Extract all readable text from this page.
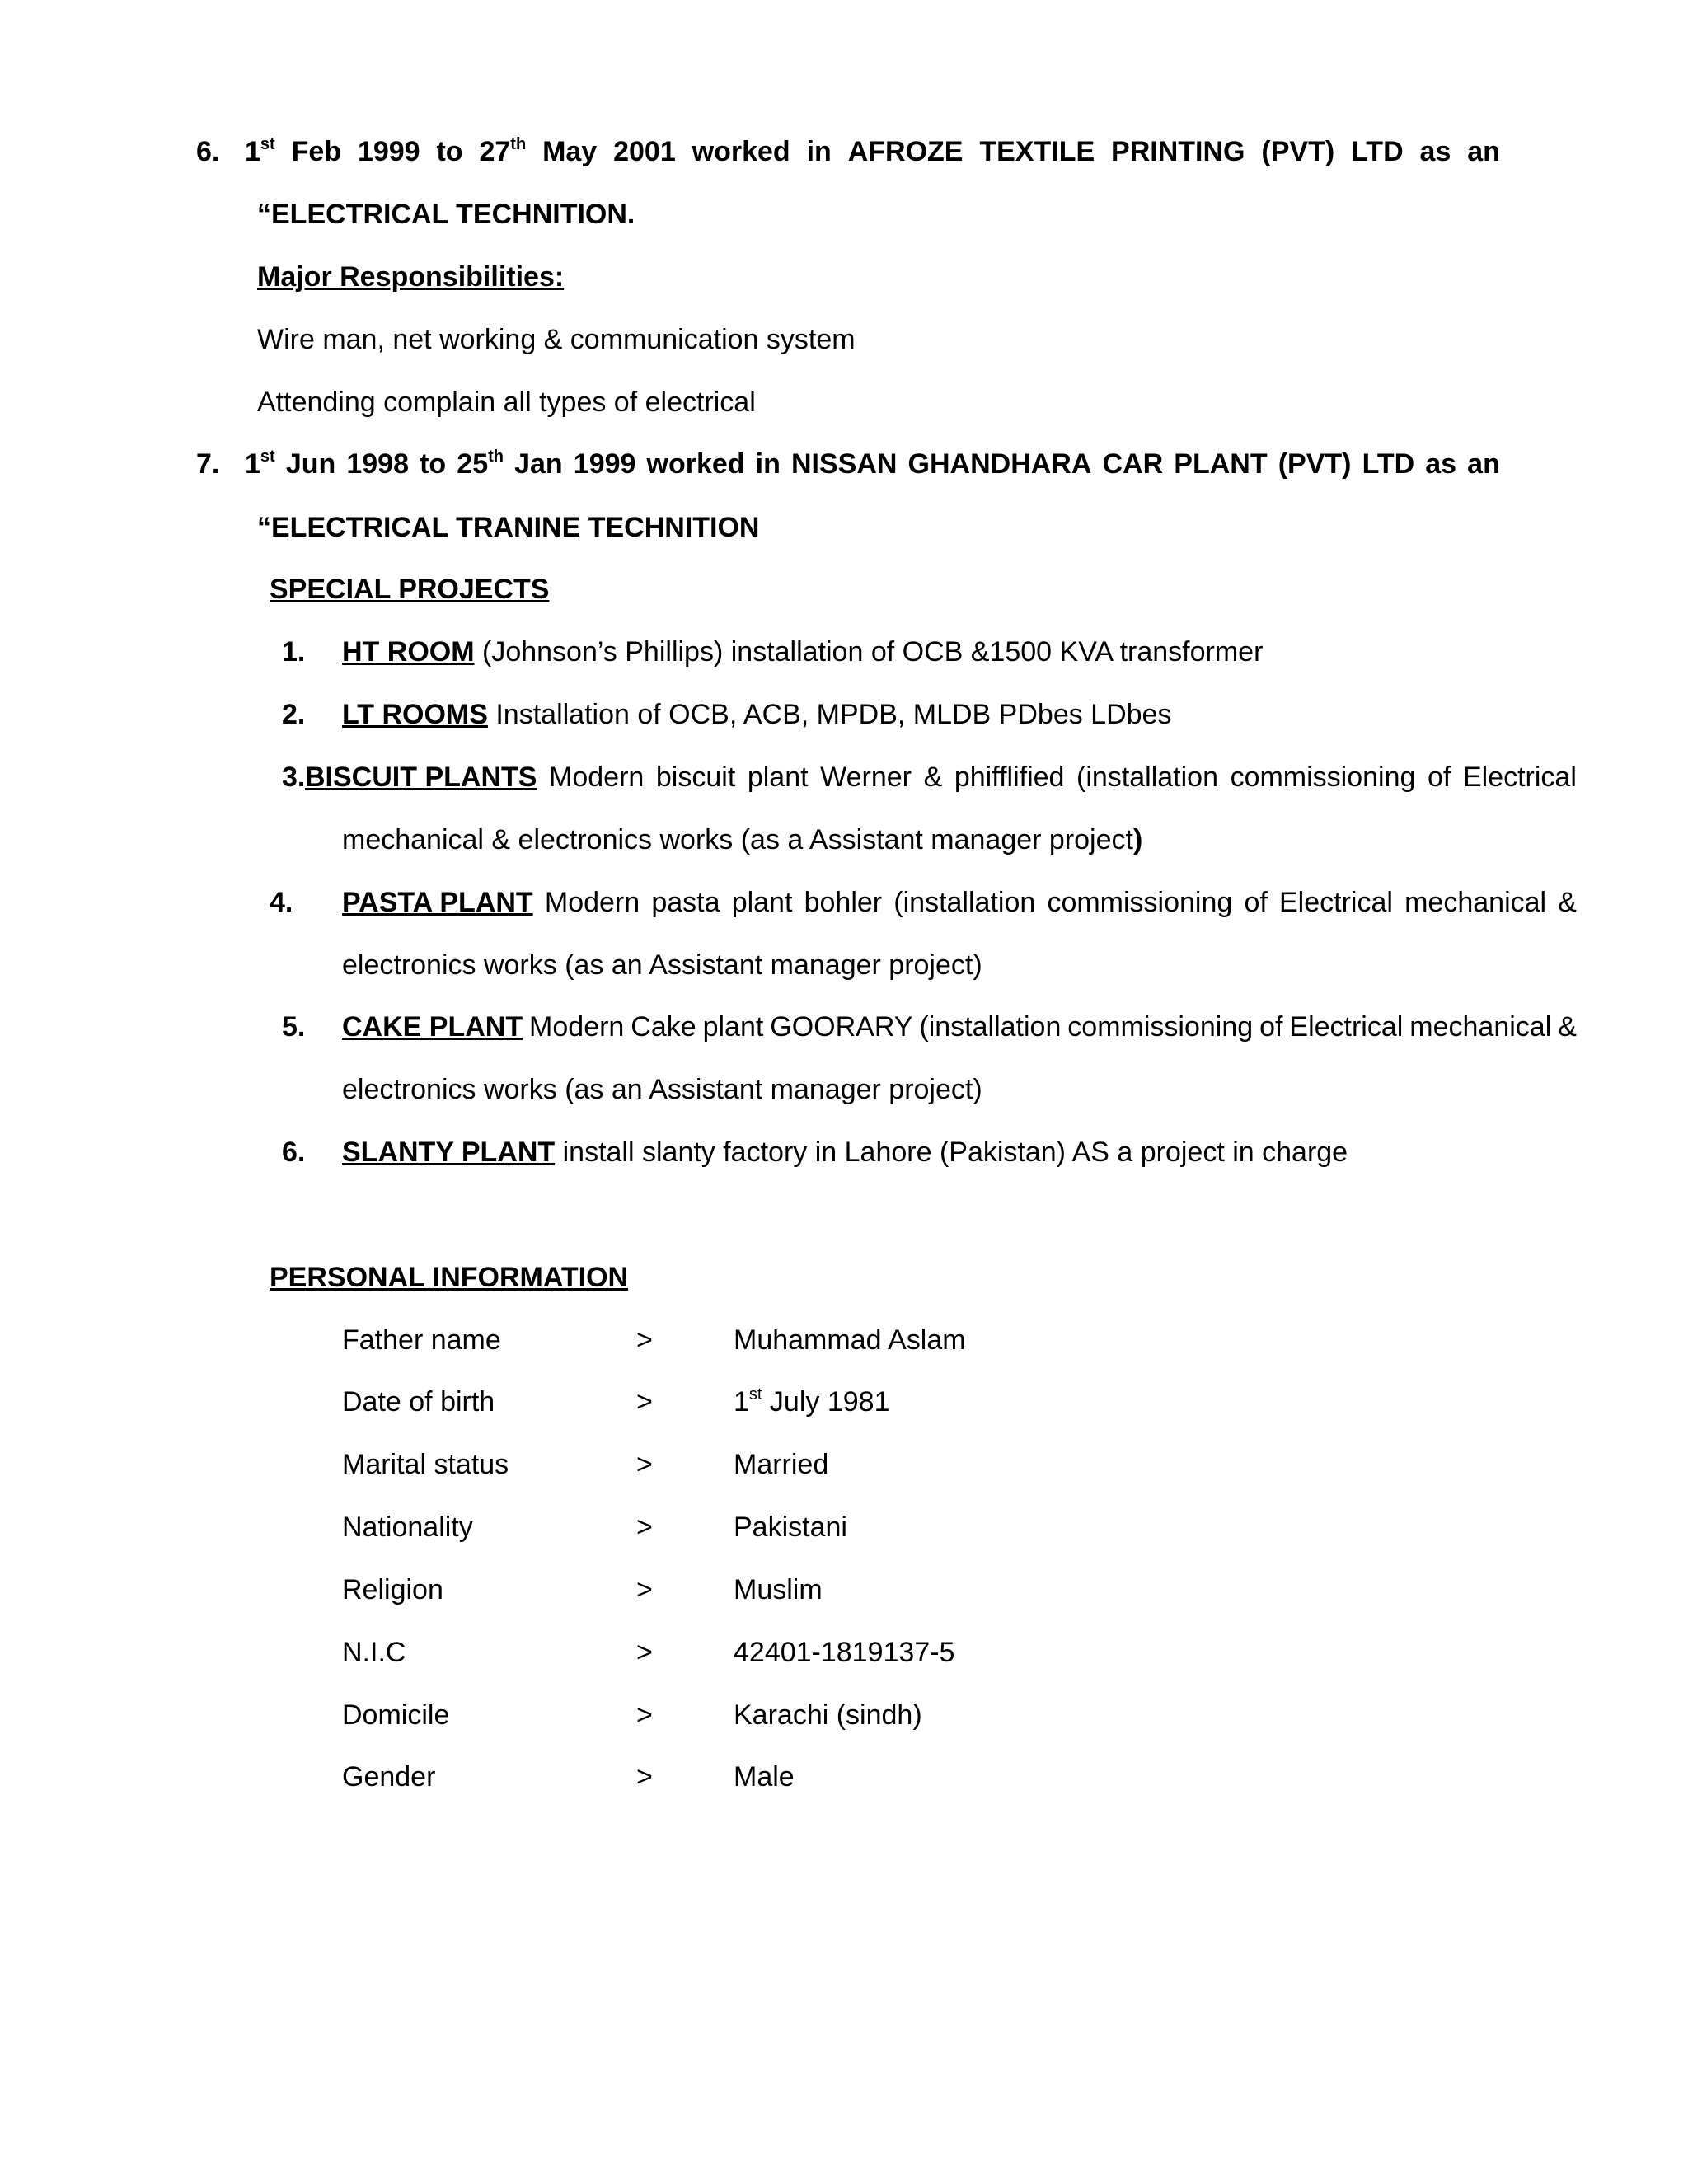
6. 1st Feb 1999 to 27th May 2001 worked in AFROZE TEXTILE PRINTING (PVT) LTD as an
“ELECTRICAL TECHNITION.
Major Responsibilities:
Wire man, net working & communication system
Attending complain all types of electrical
7. 1st Jun 1998 to 25th Jan 1999 worked in NISSAN GHANDHARA CAR PLANT (PVT) LTD as an
“ELECTRICAL TRANINE TECHNITION
SPECIAL PROJECTS
1. HT ROOM (Johnson’s Phillips) installation of OCB &1500 KVA transformer
2. LT ROOMS Installation of OCB, ACB, MPDB, MLDB PDbes LDbes
3. BISCUIT PLANTS Modern biscuit plant Werner & phifflified (installation commissioning of Electrical
mechanical & electronics works (as a Assistant manager project)
4. PASTA PLANT Modern pasta plant bohler (installation commissioning of Electrical mechanical &
electronics works (as an Assistant manager project)
5. CAKE PLANT Modern Cake plant GOORARY (installation commissioning of Electrical mechanical &
electronics works (as an Assistant manager project)
6. SLANTY PLANT install slanty factory in Lahore (Pakistan) AS a project in charge
PERSONAL INFORMATION
Father name	>	Muhammad Aslam
Date of birth	>	1st July 1981
Marital status	>	Married
Nationality	>	Pakistani
Religion	>	Muslim
N.I.C	>	42401-1819137-5
Domicile	>	Karachi (sindh)
Gender	>	Male
